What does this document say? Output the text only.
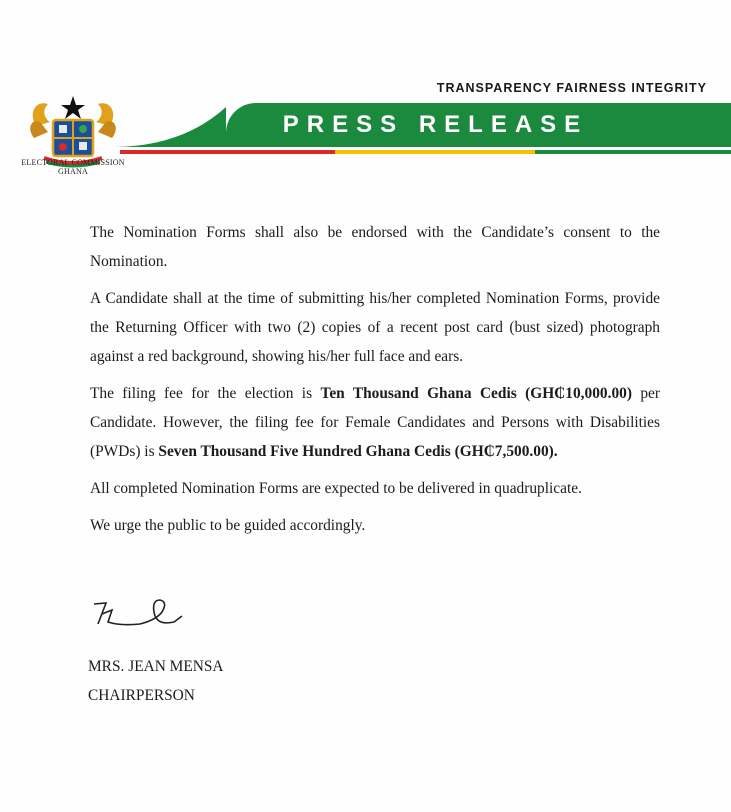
ELECTORAL COMMISSION
GHANA
TRANSPARENCY FAIRNESS INTEGRITY
PRESS RELEASE

The Nomination Forms shall also be endorsed with the Candidate’s consent to the Nomination.

A Candidate shall at the time of submitting his/her completed Nomination Forms, provide the Returning Officer with two (2) copies of a recent post card (bust sized) photograph against a red background, showing his/her full face and ears.

The filing fee for the election is Ten Thousand Ghana Cedis (GH₵10,000.00) per Candidate. However, the filing fee for Female Candidates and Persons with Disabilities (PWDs) is Seven Thousand Five Hundred Ghana Cedis (GH₵7,500.00).

All completed Nomination Forms are expected to be delivered in quadruplicate.

We urge the public to be guided accordingly.

MRS. JEAN MENSA
CHAIRPERSON
